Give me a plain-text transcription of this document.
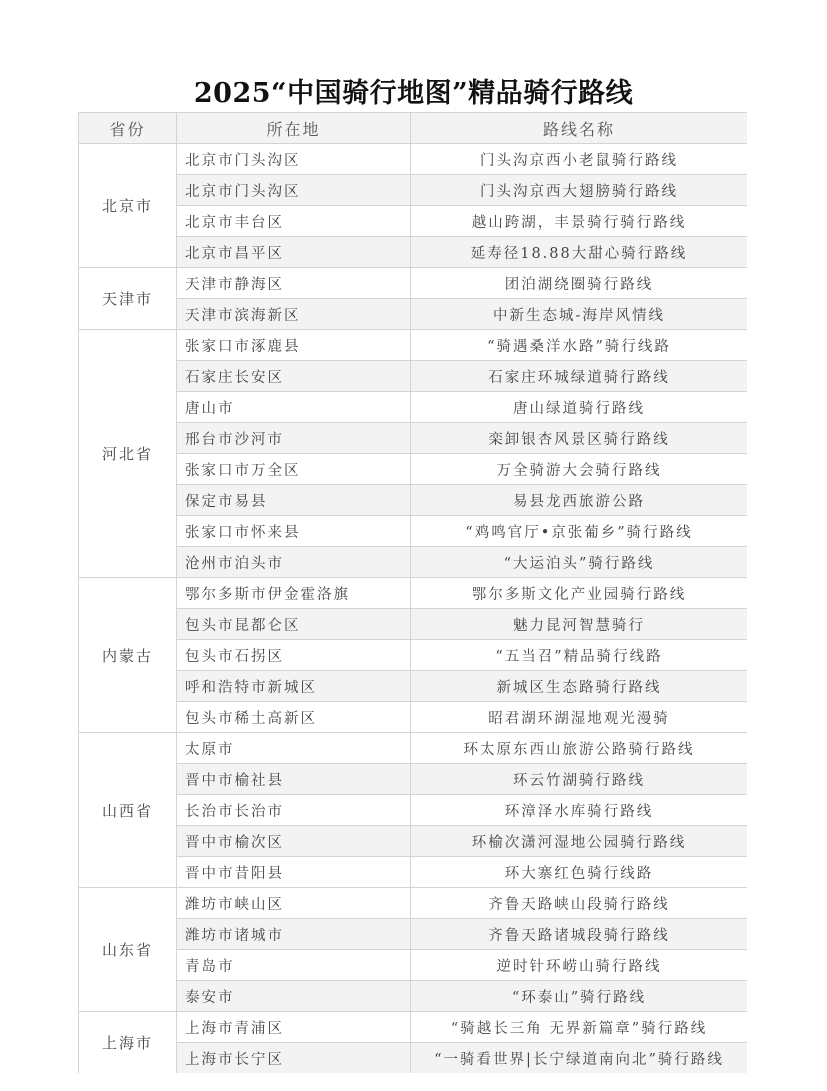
2025“中国骑行地图”精品骑行路线
省份	所在地	路线名称
北京市	北京市门头沟区	门头沟京西小老鼠骑行路线
	北京市门头沟区	门头沟京西大翅膀骑行路线
	北京市丰台区	越山跨湖，丰景骑行骑行路线
	北京市昌平区	延寿径18.88大甜心骑行路线
天津市	天津市静海区	团泊湖绕圈骑行路线
	天津市滨海新区	中新生态城-海岸风情线
河北省	张家口市涿鹿县	“骑遇桑洋水路”骑行线路
	石家庄长安区	石家庄环城绿道骑行路线
	唐山市	唐山绿道骑行路线
	邢台市沙河市	栾卸银杏风景区骑行路线
	张家口市万全区	万全骑游大会骑行路线
	保定市易县	易县龙西旅游公路
	张家口市怀来县	“鸡鸣官厅•京张葡乡”骑行路线
	沧州市泊头市	“大运泊头”骑行路线
内蒙古	鄂尔多斯市伊金霍洛旗	鄂尔多斯文化产业园骑行路线
	包头市昆都仑区	魅力昆河智慧骑行
	包头市石拐区	“五当召”精品骑行线路
	呼和浩特市新城区	新城区生态路骑行路线
	包头市稀土高新区	昭君湖环湖湿地观光漫骑
山西省	太原市	环太原东西山旅游公路骑行路线
	晋中市榆社县	环云竹湖骑行路线
	长治市长治市	环漳泽水库骑行路线
	晋中市榆次区	环榆次潇河湿地公园骑行路线
	晋中市昔阳县	环大寨红色骑行线路
山东省	潍坊市峡山区	齐鲁天路峡山段骑行路线
	潍坊市诸城市	齐鲁天路诸城段骑行路线
	青岛市	逆时针环崂山骑行路线
	泰安市	“环泰山”骑行路线
上海市	上海市青浦区	“骑越长三角 无界新篇章”骑行路线
	上海市长宁区	“一骑看世界|长宁绿道南向北”骑行路线
